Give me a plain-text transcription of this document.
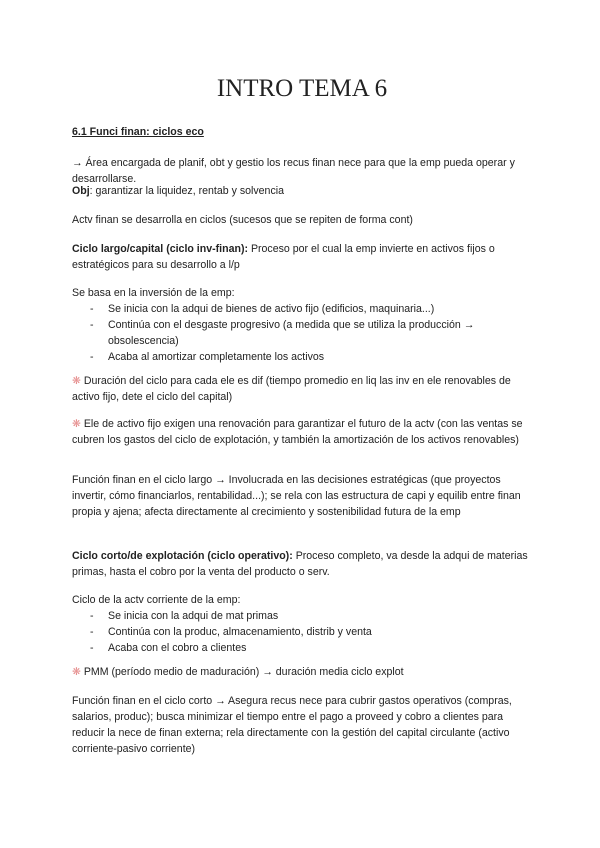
INTRO TEMA 6
6.1 Funci finan: ciclos eco
→ Área encargada de planif, obt y gestio los recus finan nece para que la emp pueda operar y desarrollarse.
Obj: garantizar la liquidez, rentab y solvencia
Actv finan se desarrolla en ciclos (sucesos que se repiten de forma cont)
Ciclo largo/capital (ciclo inv-finan): Proceso por el cual la emp invierte en activos fijos o estratégicos para su desarrollo a l/p
Se basa en la inversión de la emp:
- Se inicia con la adqui de bienes de activo fijo (edificios, maquinaria...)
- Continúa con el desgaste progresivo (a medida que se utiliza la producción → obsolescencia)
- Acaba al amortizar completamente los activos
❋ Duración del ciclo para cada ele es dif (tiempo promedio en liq las inv en ele renovables de activo fijo, dete el ciclo del capital)
❋ Ele de activo fijo exigen una renovación para garantizar el futuro de la actv (con las ventas se cubren los gastos del ciclo de explotación, y también la amortización de los activos renovables)
Función finan en el ciclo largo → Involucrada en las decisiones estratégicas (que proyectos invertir, cómo financiarlos, rentabilidad...); se rela con las estructura de capi y equilib entre finan propia y ajena; afecta directamente al crecimiento y sostenibilidad futura de la emp
Ciclo corto/de explotación (ciclo operativo): Proceso completo, va desde la adqui de materias primas, hasta el cobro por la venta del producto o serv.
Ciclo de la actv corriente de la emp:
- Se inicia con la adqui de mat primas
- Continúa con la produc, almacenamiento, distrib y venta
- Acaba con el cobro a clientes
❋ PMM (período medio de maduración) → duración media ciclo explot
Función finan en el ciclo corto → Asegura recus nece para cubrir gastos operativos (compras, salarios, produc); busca minimizar el tiempo entre el pago a proveed y cobro a clientes para reducir la nece de finan externa; rela directamente con la gestión del capital circulante (activo corriente-pasivo corriente)
